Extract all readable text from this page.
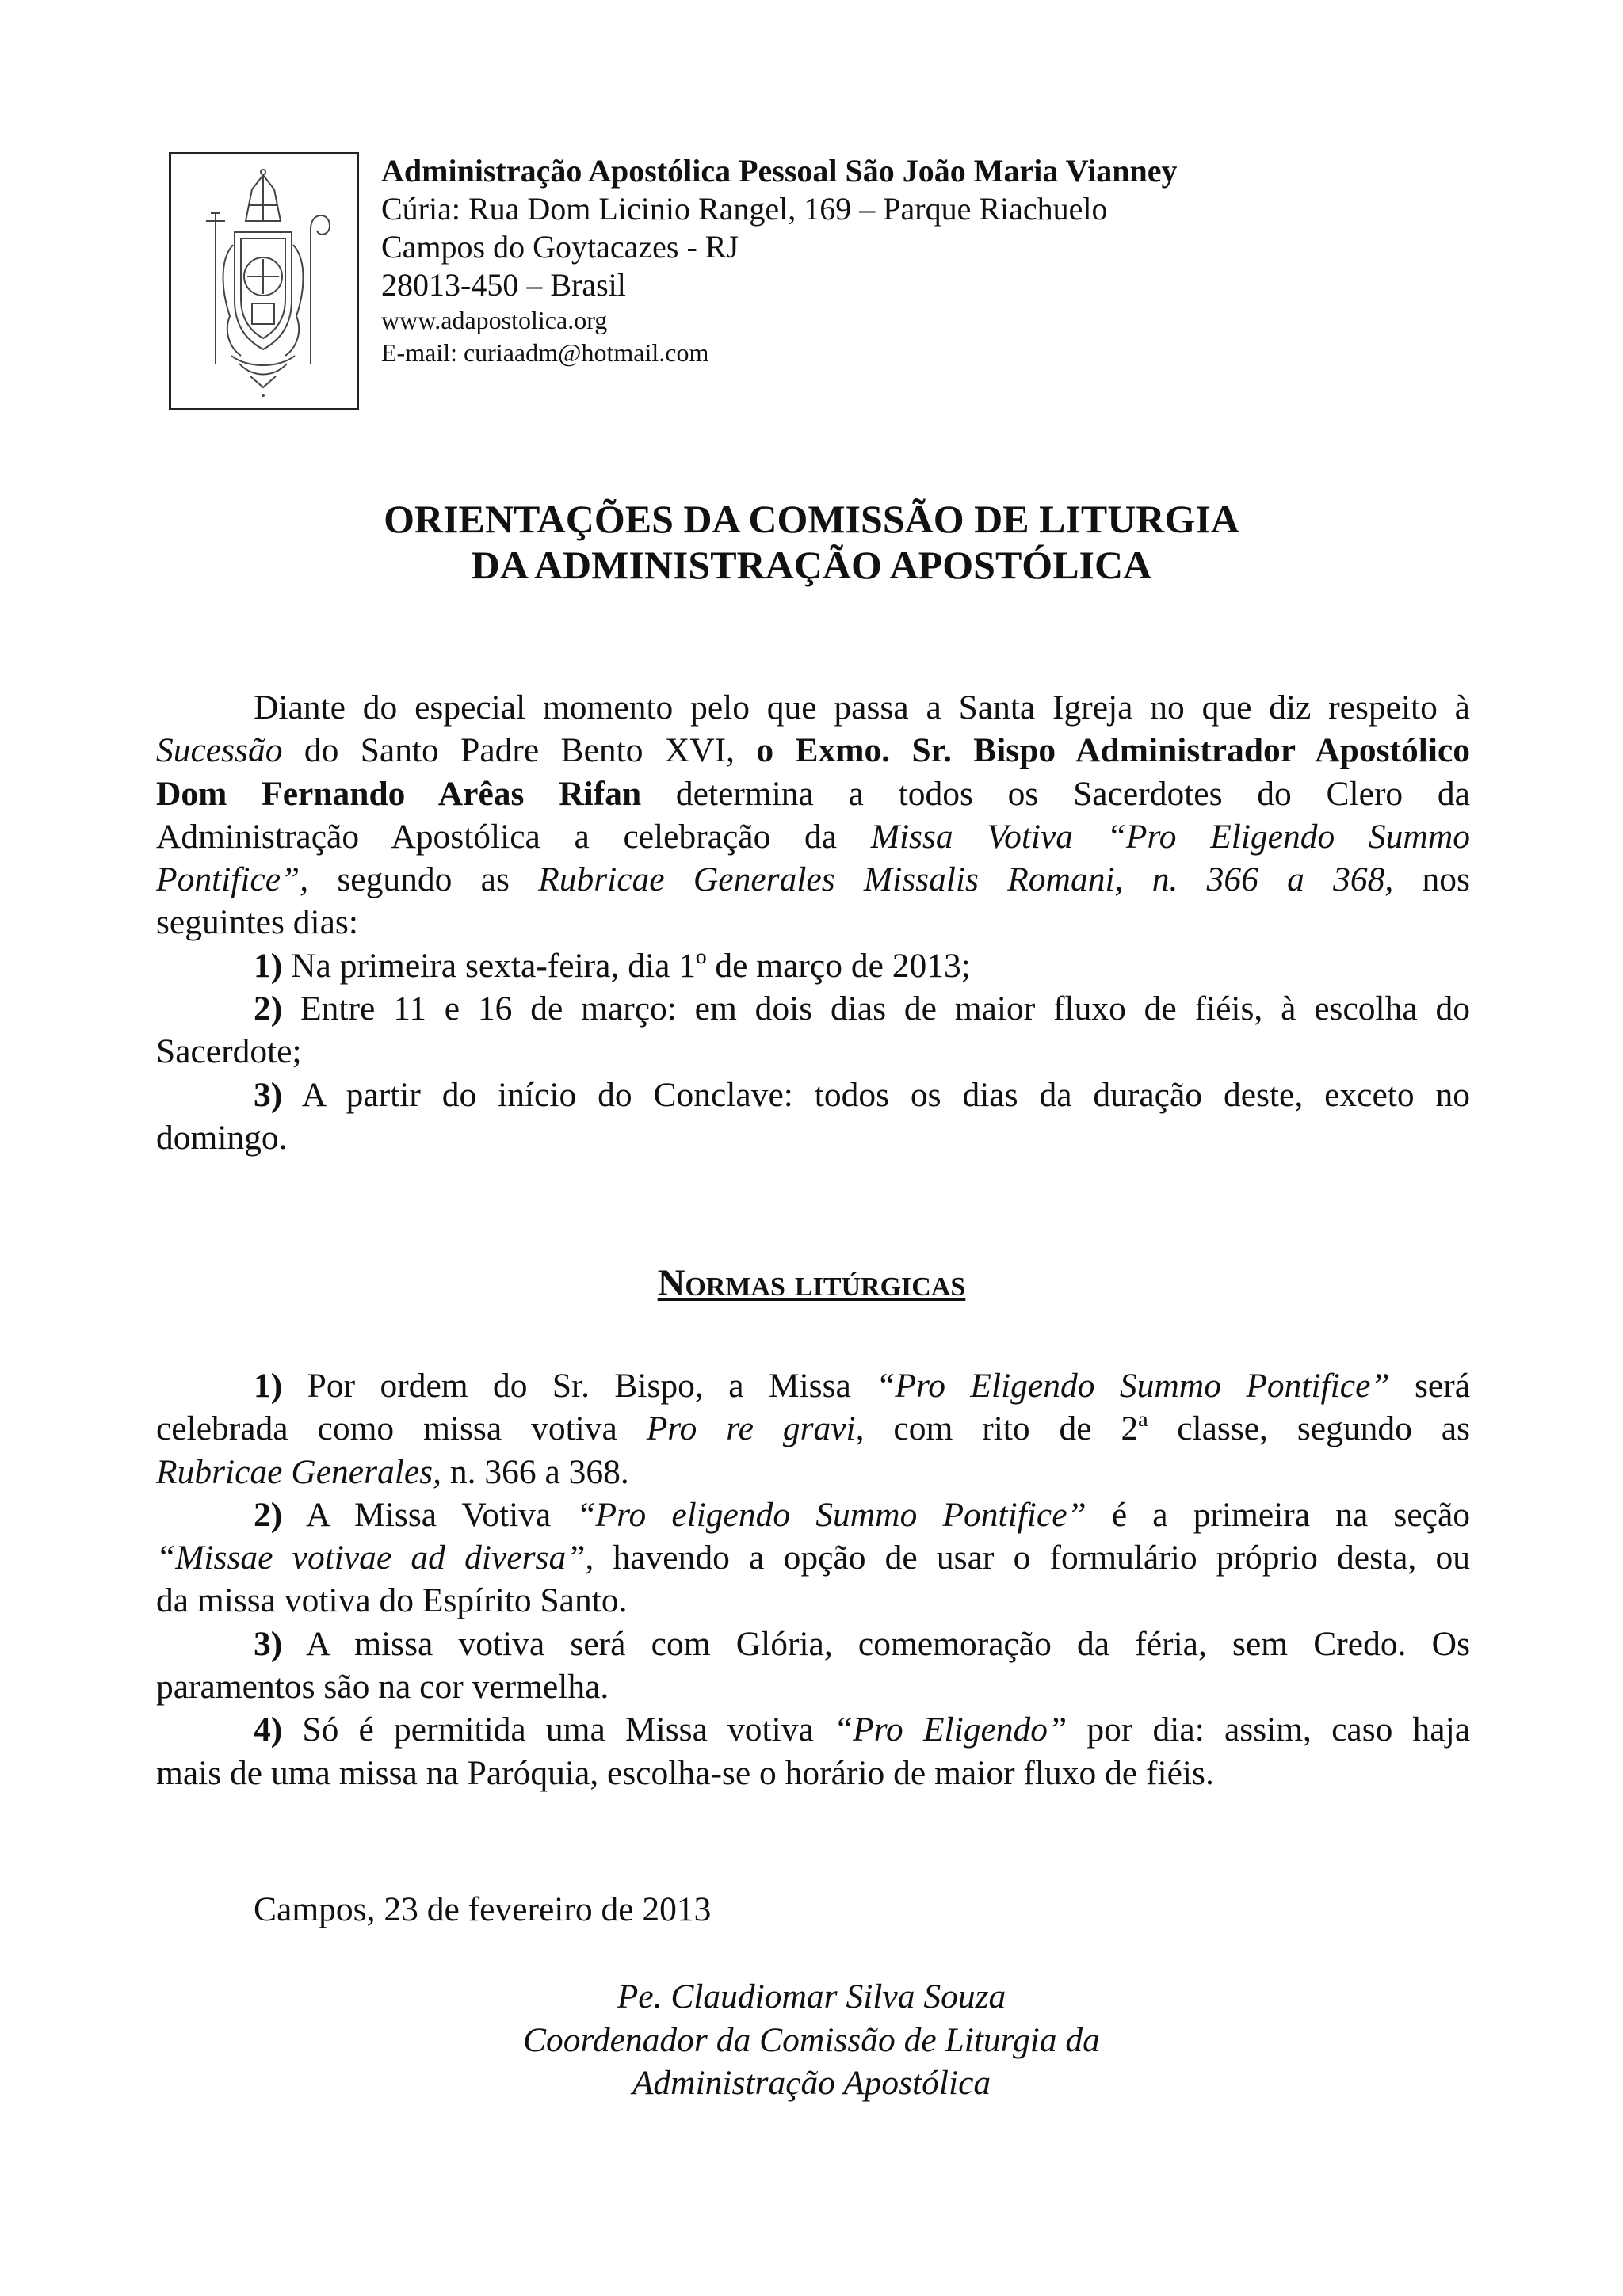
Administração Apostólica Pessoal São João Maria Vianney
Cúria: Rua Dom Licinio Rangel, 169 – Parque Riachuelo
Campos do Goytacazes - RJ
28013-450 – Brasil
www.adapostolica.org
E-mail: curiaadm@hotmail.com
ORIENTAÇÕES DA COMISSÃO DE LITURGIA
DA ADMINISTRAÇÃO APOSTÓLICA
Diante do especial momento pelo que passa a Santa Igreja no que diz respeito à
Sucessão do Santo Padre Bento XVI, o Exmo. Sr. Bispo Administrador Apostólico
Dom Fernando Arêas Rifan determina a todos os Sacerdotes do Clero da
Administração Apostólica a celebração da Missa Votiva “Pro Eligendo Summo
Pontifice”, segundo as Rubricae Generales Missalis Romani, n. 366 a 368, nos
seguintes dias:
1) Na primeira sexta-feira, dia 1º de março de 2013;
2) Entre 11 e 16 de março: em dois dias de maior fluxo de fiéis, à escolha do
Sacerdote;
3) A partir do início do Conclave: todos os dias da duração deste, exceto no
domingo.
Normas litúrgicas
1) Por ordem do Sr. Bispo, a Missa “Pro Eligendo Summo Pontifice” será
celebrada como missa votiva Pro re gravi, com rito de 2ª classe, segundo as
Rubricae Generales, n. 366 a 368.
2) A Missa Votiva “Pro eligendo Summo Pontifice” é a primeira na seção
“Missae votivae ad diversa”, havendo a opção de usar o formulário próprio desta, ou
da missa votiva do Espírito Santo.
3) A missa votiva será com Glória, comemoração da féria, sem Credo. Os
paramentos são na cor vermelha.
4) Só é permitida uma Missa votiva “Pro Eligendo” por dia: assim, caso haja
mais de uma missa na Paróquia, escolha-se o horário de maior fluxo de fiéis.
Campos, 23 de fevereiro de 2013
Pe. Claudiomar Silva Souza
Coordenador da Comissão de Liturgia da
Administração Apostólica
